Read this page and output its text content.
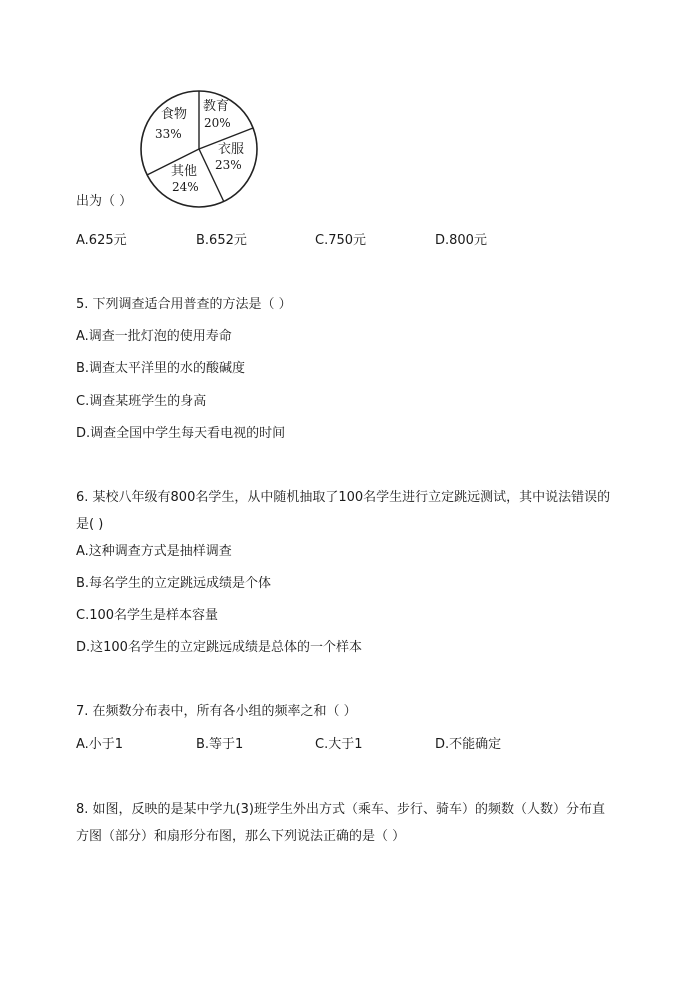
教育
20%
衣服
23%
其他
24%
食物
33%
出为（ ）
A.625元	B.652元	C.750元	D.800元
5. 下列调查适合用普查的方法是（ ）
A.调查一批灯泡的使用寿命
B.调查太平洋里的水的酸碱度
C.调查某班学生的身高
D.调查全国中学生每天看电视的时间
6. 某校八年级有800名学生，从中随机抽取了100名学生进行立定跳远测试，其中说法错误的是( )
A.这种调查方式是抽样调查
B.每名学生的立定跳远成绩是个体
C.100名学生是样本容量
D.这100名学生的立定跳远成绩是总体的一个样本
7. 在频数分布表中，所有各小组的频率之和（ ）
A.小于1	B.等于1	C.大于1	D.不能确定
8. 如图，反映的是某中学九(3)班学生外出方式（乘车、步行、骑车）的频数（人数）分布直方图（部分）和扇形分布图，那么下列说法正确的是（ ）
